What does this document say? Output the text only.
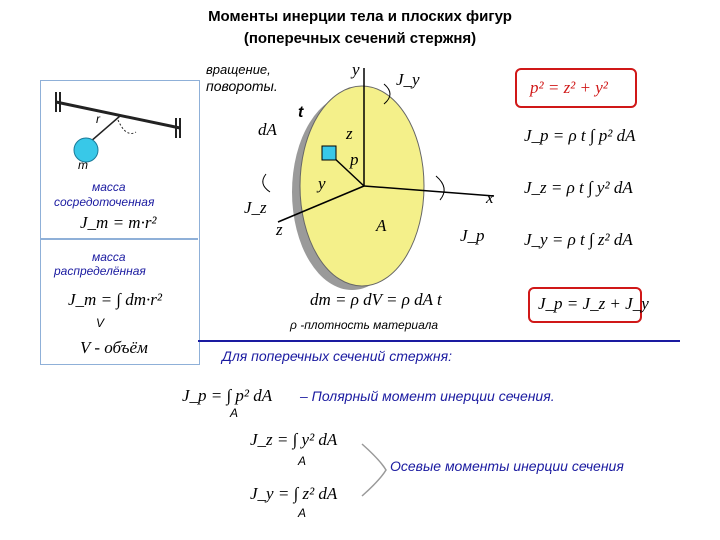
Моменты инерции тела и плоских фигур
(поперечных сечений стержня)
r
m
масса
сосредоточенная
J_m = m·r²
масса
распределённая
J_m = ∫ dm·r²
V
V - объём
вращение,
повороты.
y
J_y
t
dA	z
p
y
x
J_z
z	A
J_p
p² = z² + y²
J_p = ρ t ∫ p² dA
J_z = ρ t ∫ y² dA
J_y = ρ t ∫ z² dA
J_p = J_z + J_y
dm = ρ dV = ρ dA t
ρ -плотность материала
Для поперечных сечений стержня:
J_p = ∫ p² dA – Полярный момент инерции сечения.
A
J_z = ∫ y² dA
A
J_y = ∫ z² dA
A
Осевые моменты инерции сечения
